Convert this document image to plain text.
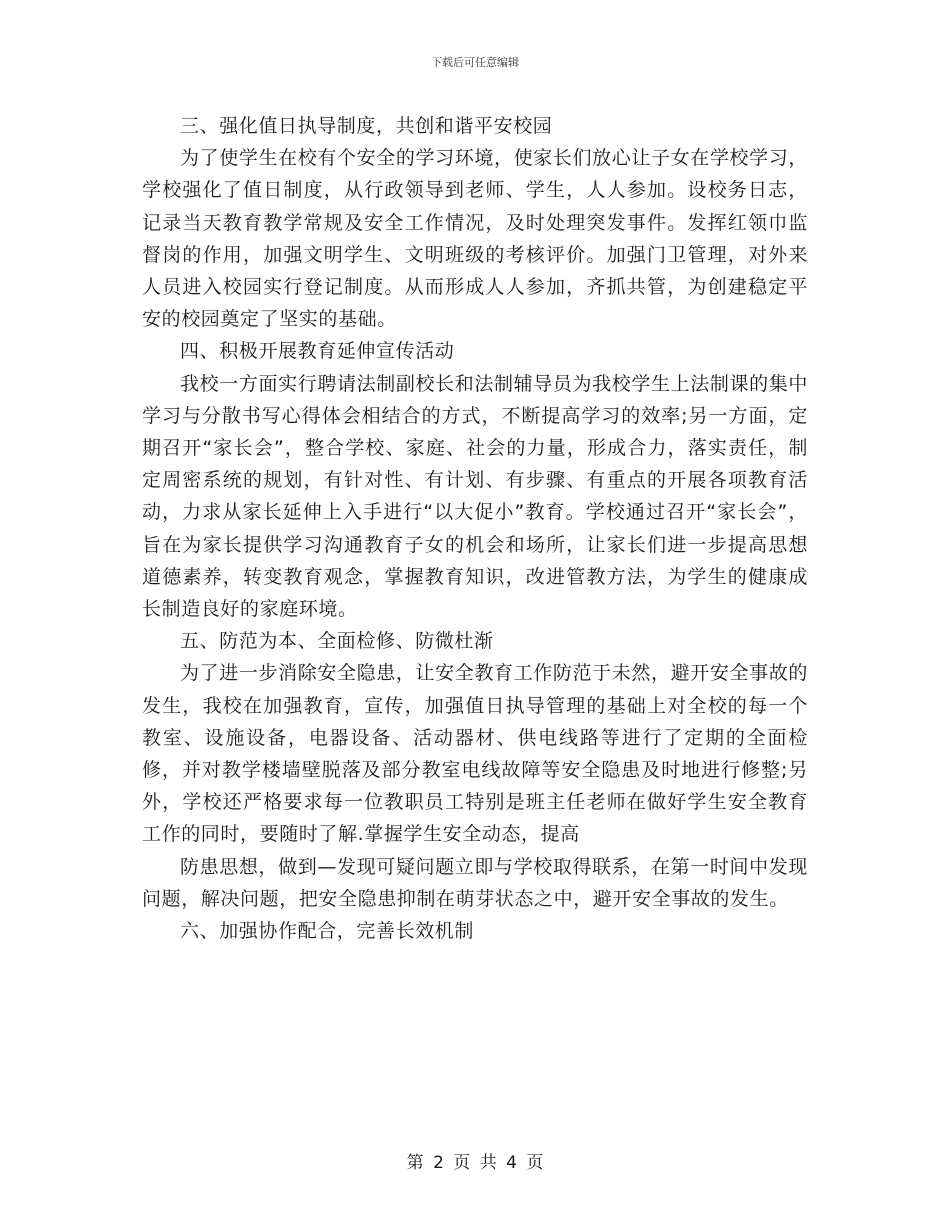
下载后可任意编辑

三、强化值日执导制度，共创和谐平安校园

为了使学生在校有个安全的学习环境，使家长们放心让子女在学校学习，学校强化了值日制度，从行政领导到老师、学生，人人参加。设校务日志，记录当天教育教学常规及安全工作情况，及时处理突发事件。发挥红领巾监督岗的作用，加强文明学生、文明班级的考核评价。加强门卫管理，对外来人员进入校园实行登记制度。从而形成人人参加，齐抓共管，为创建稳定平安的校园奠定了坚实的基础。

四、积极开展教育延伸宣传活动

我校一方面实行聘请法制副校长和法制辅导员为我校学生上法制课的集中学习与分散书写心得体会相结合的方式，不断提高学习的效率;另一方面，定期召开“家长会”，整合学校、家庭、社会的力量，形成合力，落实责任，制定周密系统的规划，有针对性、有计划、有步骤、有重点的开展各项教育活动，力求从家长延伸上入手进行“以大促小”教育。学校通过召开“家长会”，旨在为家长提供学习沟通教育子女的机会和场所，让家长们进一步提高思想道德素养，转变教育观念，掌握教育知识，改进管教方法，为学生的健康成长制造良好的家庭环境。

五、防范为本、全面检修、防微杜渐

为了进一步消除安全隐患，让安全教育工作防范于未然，避开安全事故的发生，我校在加强教育，宣传，加强值日执导管理的基础上对全校的每一个教室、设施设备，电器设备、活动器材、供电线路等进行了定期的全面检修，并对教学楼墙壁脱落及部分教室电线故障等安全隐患及时地进行修整;另外，学校还严格要求每一位教职员工特别是班主任老师在做好学生安全教育工作的同时，要随时了解.掌握学生安全动态，提高

防患思想，做到—发现可疑问题立即与学校取得联系，在第一时间中发现问题，解决问题，把安全隐患抑制在萌芽状态之中，避开安全事故的发生。

六、加强协作配合，完善长效机制

第 2 页 共 4 页
